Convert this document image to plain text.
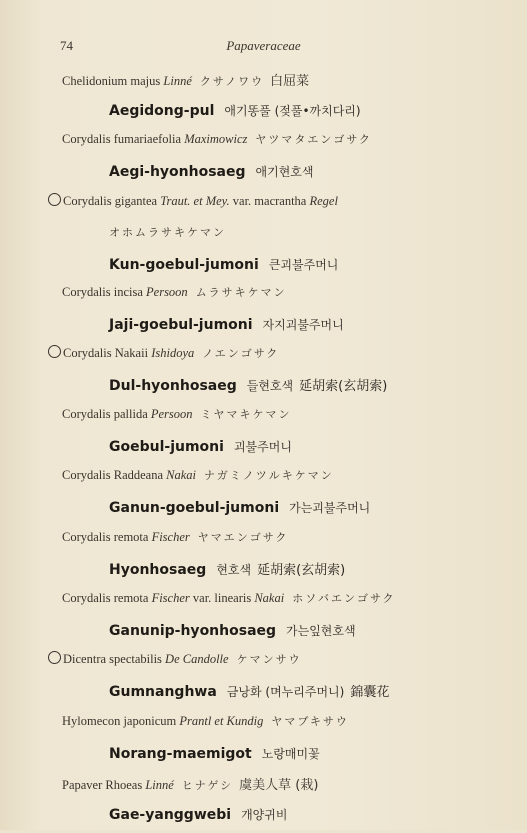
74	Papaveraceae
Chelidonium majus Linné クサノワウ 白屈菜
Aegidong-pul 애기똥풀 (젖풀•까치다리)
Corydalis fumariaefolia Maximowicz ヤツマタエンゴサク
Aegi-hyonhosaeg 애기현호색
Corydalis gigantea Traut. et Mey. var. macrantha Regel
オホムラサキケマン
Kun-goebul-jumoni 큰괴불주머니
Corydalis incisa Persoon ムラサキケマン
Jaji-goebul-jumoni 자지괴불주머니
Corydalis Nakaii Ishidoya ノエンゴサク
Dul-hyonhosaeg 들현호색 延胡索(玄胡索)
Corydalis pallida Persoon ミヤマキケマン
Goebul-jumoni 괴불주머니
Corydalis Raddeana Nakai ナガミノツルキケマン
Ganun-goebul-jumoni 가는괴불주머니
Corydalis remota Fischer ヤマエンゴサク
Hyonhosaeg 현호색 延胡索(玄胡索)
Corydalis remota Fischer var. linearis Nakai ホソバエンゴサク
Ganunip-hyonhosaeg 가는잎현호색
Dicentra spectabilis De Candolle ケマンサウ
Gumnanghwa 금낭화 (며누리주머니) 錦囊花
Hylomecon japonicum Prantl et Kundig ヤマブキサウ
Norang-maemigot 노랑매미꽃
Papaver Rhoeas Linné ヒナゲシ 虞美人草 (栽)
Gae-yanggwebi 개양귀비
